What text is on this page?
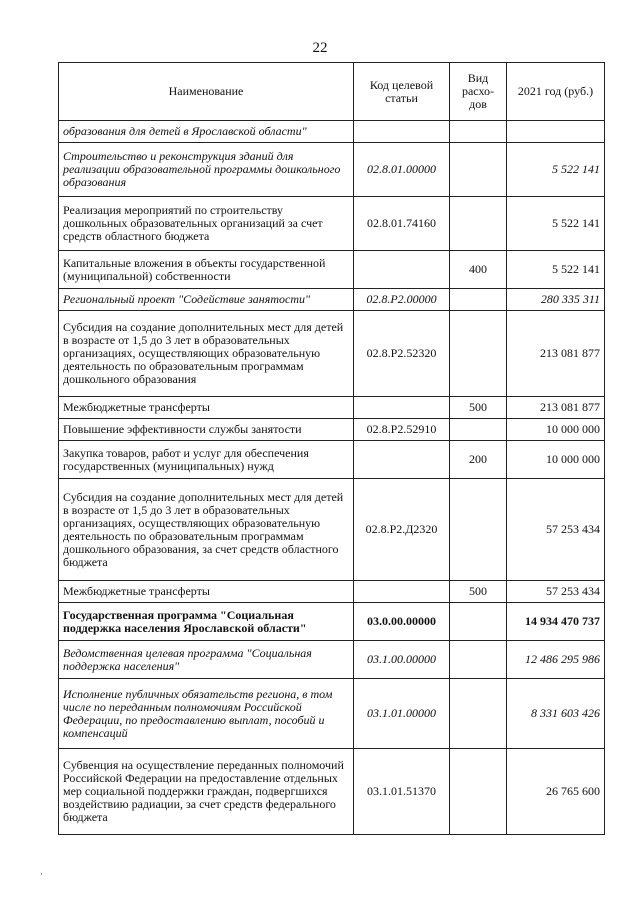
22
Наименование	Код целевой статьи	Вид расхо-дов	2021 год (руб.)
образования для детей в Ярославской области"			
Строительство и реконструкция зданий для реализации образовательной программы дошкольного образования	02.8.01.00000		5 522 141
Реализация мероприятий по строительству дошкольных образовательных организаций за счет средств областного бюджета	02.8.01.74160		5 522 141
Капитальные вложения в объекты государственной (муниципальной) собственности		400	5 522 141
Региональный проект "Содействие занятости"	02.8.P2.00000		280 335 311
Субсидия на создание дополнительных мест для детей в возрасте от 1,5 до 3 лет в образовательных организациях, осуществляющих образовательную деятельность по образовательным программам дошкольного образования	02.8.P2.52320		213 081 877
Межбюджетные трансферты		500	213 081 877
Повышение эффективности службы занятости	02.8.P2.52910		10 000 000
Закупка товаров, работ и услуг для обеспечения государственных (муниципальных) нужд		200	10 000 000
Субсидия на создание дополнительных мест для детей в возрасте от 1,5 до 3 лет в образовательных организациях, осуществляющих образовательную деятельность по образовательным программам дошкольного образования, за счет средств областного бюджета	02.8.P2.Д2320		57 253 434
Межбюджетные трансферты		500	57 253 434
Государственная программа "Социальная поддержка населения Ярославской области"	03.0.00.00000		14 934 470 737
Ведомственная целевая программа "Социальная поддержка населения"	03.1.00.00000		12 486 295 986
Исполнение публичных обязательств региона, в том числе по переданным полномочиям Российской Федерации, по предоставлению выплат, пособий и компенсаций	03.1.01.00000		8 331 603 426
Субвенция на осуществление переданных полномочий Российской Федерации на предоставление отдельных мер социальной поддержки граждан, подвергшихся воздействию радиации, за счет средств федерального бюджета	03.1.01.51370		26 765 600
‚
